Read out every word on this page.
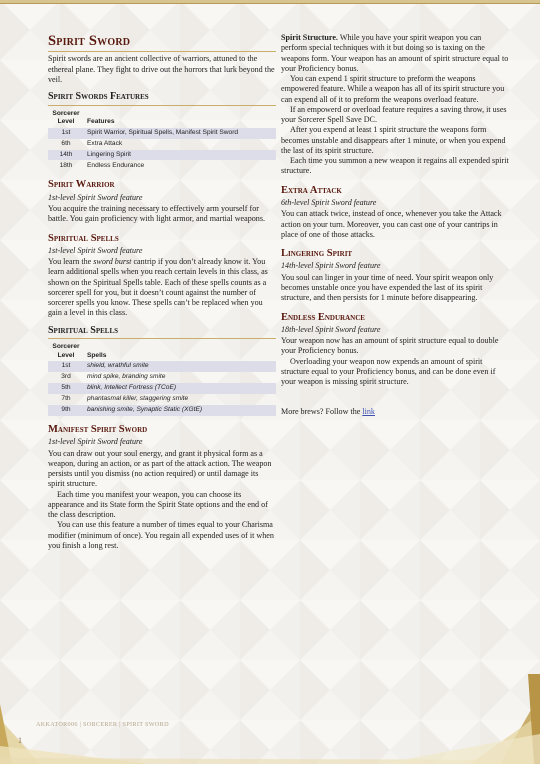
Spirit Sword

Spirit swords are an ancient collective of warriors, attuned to the ethereal plane. They fight to drive out the horrors that lurk beyond the veil.

Spirit Swords Features
Sorcerer
Level	Features
1st	Spirit Warrior, Spiritual Spells, Manifest Spirit Sword
6th	Extra Attack
14th	Lingering Spirit
18th	Endless Endurance
Spirit Warrior

1st-level Spirit Sword feature

You acquire the training necessary to effectively arm yourself for battle. You gain proficiency with light armor, and martial weapons.

Spiritual Spells

1st-level Spirit Sword feature

You learn the sword burst cantrip if you don’t already know it. You learn additional spells when you reach certain levels in this class, as shown on the Spiritual Spells table. Each of these spells counts as a sorcerer spell for you, but it doesn’t count against the number of sorcerer spells you know. These spells can’t be replaced when you gain a level in this class.

Spiritual Spells
Sorcerer
Level	Spells
1st	shield, wrathful smite
3rd	mind spike, branding smite
5th	blink, Intellect Fortress (TCoE)
7th	phantasmal killer, staggering smite
9th	banishing smite, Synaptic Static (XGtE)
Manifest Spirit Sword

1st-level Spirit Sword feature

You can draw out your soul energy, and grant it physical form as a weapon, during an action, or as part of the attack action. The weapon persists until you dismiss (no action required) or until damage its spirit structure.

Each time you manifest your weapon, you can choose its appearance and its State form the Spirit State options and the end of the class description.

You can use this feature a number of times equal to your Charisma modifier (minimum of once). You regain all expended uses of it when you finish a long rest.

Spirit Structure. While you have your spirit weapon you can perform special techniques with it but doing so is taxing on the weapons form. Your weapon has an amount of spirit structure equal to your Proficiency bonus.

You can expend 1 spirit structure to preform the weapons empowered feature. While a weapon has all of its spirit structure you can expend all of it to preform the weapons overload feature.

If an empowerd or overload feature requires a saving throw, it uses your Sorcerer Spell Save DC.

After you expend at least 1 spirit structure the weapons form becomes unstable and disappears after 1 minute, or when you expend the last of its spirit structure.

Each time you summon a new weapon it regains all expended spirit structure.

Extra Attack

6th-level Spirit Sword feature

You can attack twice, instead of once, whenever you take the Attack action on your turn. Moreover, you can cast one of your cantrips in place of one of those attacks.

Lingering Spirit

14th-level Spirit Sword feature

You soul can linger in your time of need. Your spirit weapon only becomes unstable once you have expended the last of its spirit structure, and then persists for 1 minute before disappearing.

Endless Endurance

18th-level Spirit Sword feature

Your weapon now has an amount of spirit structure equal to double your Proficiency bonus.

Overloading your weapon now expends an amount of spirit structure equal to your Proficiency bonus, and can be done even if your weapon is missing spirit structure.

More brews? Follow the link

AKKATOR006 | SORCERER | SPIRIT SWORD
1
